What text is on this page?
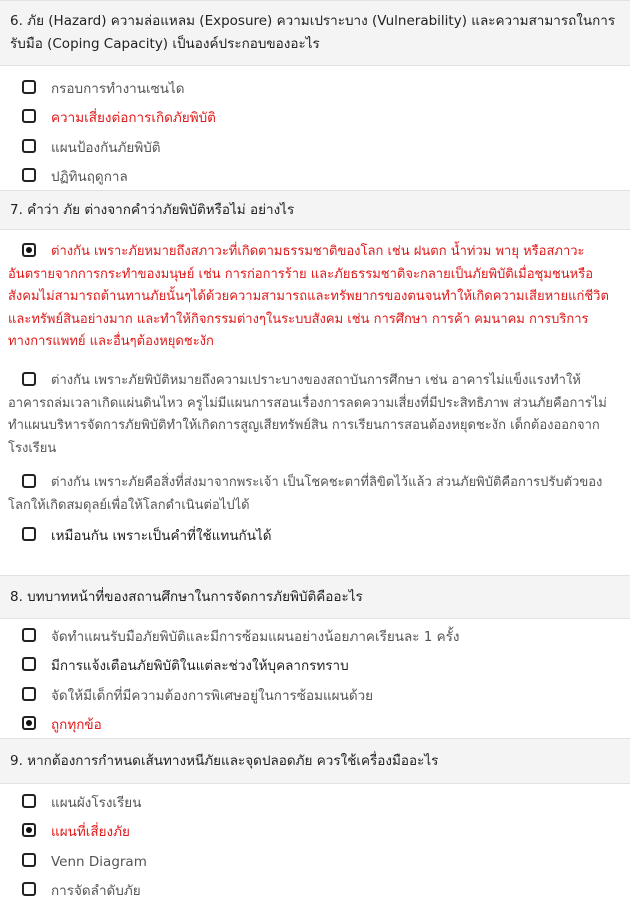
6. ภัย (Hazard) ความล่อแหลม (Exposure) ความเปราะบาง (Vulnerability) และความสามารถในการรับมือ (Coping Capacity) เป็นองค์ประกอบของอะไร
กรอบการทำงานเซนได
ความเสี่ยงต่อการเกิดภัยพิบัติ
แผนป้องกันภัยพิบัติ
ปฏิทินฤดูกาล
7. คำว่า ภัย ต่างจากคำว่าภัยพิบัติหรือไม่ อย่างไร
ต่างกัน เพราะภัยหมายถึงสภาวะที่เกิดตามธรรมชาติของโลก เช่น ฝนตก น้ำท่วม พายุ หรือสภาวะอันตรายจากการกระทำของมนุษย์ เช่น การก่อการร้าย และภัยธรรมชาติจะกลายเป็นภัยพิบัติเมื่อชุมชนหรือสังคมไม่สามารถต้านทานภัยนั้นๆได้ด้วยความสามารถและทรัพยากรของตนจนทำให้เกิดความเสียหายแก่ชีวิตและทรัพย์สินอย่างมาก และทำให้กิจกรรมต่างๆในระบบสังคม เช่น การศึกษา การค้า คมนาคม การบริการทางการแพทย์ และอื่นๆต้องหยุดชะงัก
ต่างกัน เพราะภัยพิบัติหมายถึงความเปราะบางของสถาบันการศึกษา เช่น อาคารไม่แข็งแรงทำให้อาคารถล่มเวลาเกิดแผ่นดินไหว ครูไม่มีแผนการสอนเรื่องการลดความเสี่ยงที่มีประสิทธิภาพ ส่วนภัยคือการไม่ทำแผนบริหารจัดการภัยพิบัติทำให้เกิดการสูญเสียทรัพย์สิน การเรียนการสอนต้องหยุดชะงัก เด็กต้องออกจากโรงเรียน
ต่างกัน เพราะภัยคือสิ่งที่ส่งมาจากพระเจ้า เป็นโชคชะตาที่ลิขิตไว้แล้ว ส่วนภัยพิบัติคือการปรับตัวของโลกให้เกิดสมดุลย์เพื่อให้โลกดำเนินต่อไปได้
เหมือนกัน เพราะเป็นคำที่ใช้แทนกันได้
8. บทบาทหน้าที่ของสถานศึกษาในการจัดการภัยพิบัติคืออะไร
จัดทำแผนรับมือภัยพิบัติและมีการซ้อมแผนอย่างน้อยภาคเรียนละ 1 ครั้ง
มีการแจ้งเตือนภัยพิบัติในแต่ละช่วงให้บุคลากรทราบ
จัดให้มีเด็กที่มีความต้องการพิเศษอยู่ในการซ้อมแผนด้วย
ถูกทุกข้อ
9. หากต้องการกำหนดเส้นทางหนีภัยและจุดปลอดภัย ควรใช้เครื่องมืออะไร
แผนผังโรงเรียน
แผนที่เสี่ยงภัย
Venn Diagram
การจัดลำดับภัย
